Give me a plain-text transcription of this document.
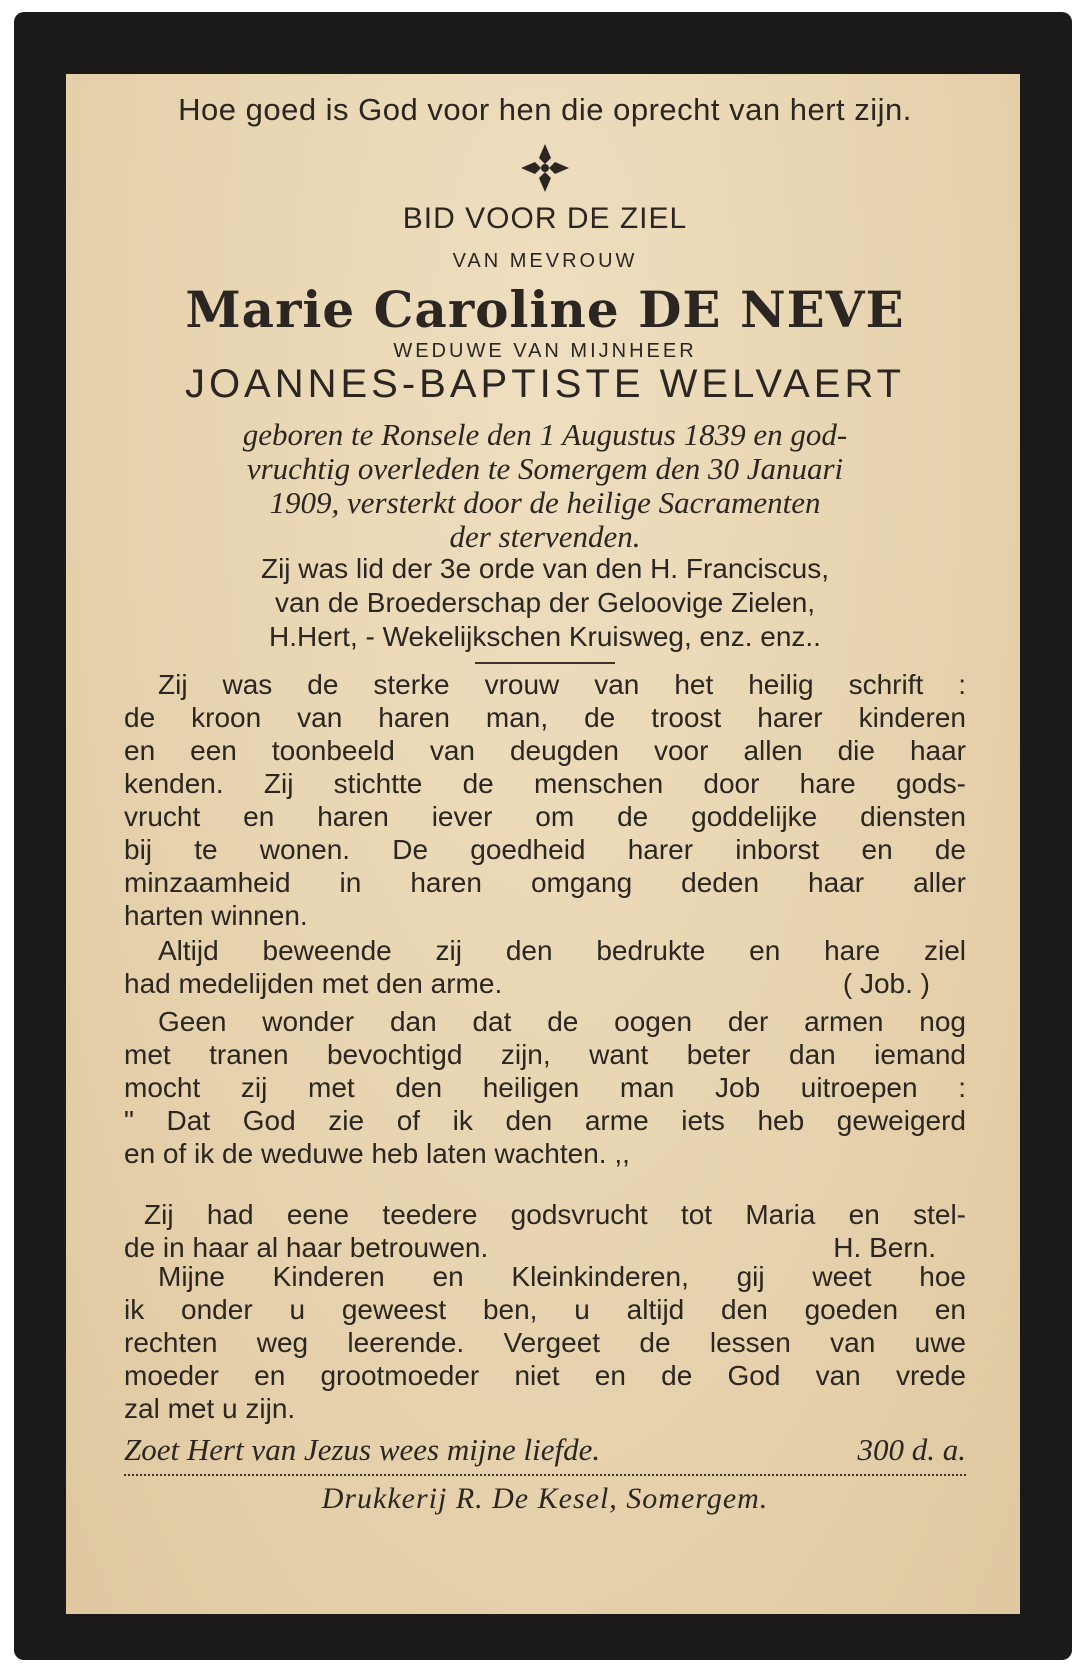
Hoe goed is God voor hen die oprecht van hert zijn.
BID VOOR DE ZIEL
VAN MEVROUW
Marie Caroline DE NEVE
WEDUWE VAN MIJNHEER
JOANNES-BAPTISTE WELVAERT
geboren te Ronsele den 1 Augustus 1839 en god-
vruchtig overleden te Somergem den 30 Januari
1909, versterkt door de heilige Sacramenten
der stervenden.
Zij was lid der 3e orde van den H. Franciscus,
van de Broederschap der Geloovige Zielen,
H.Hert, - Wekelijkschen Kruisweg, enz. enz..
Zij was de sterke vrouw van het heilig schrift :
de kroon van haren man, de troost harer kinderen
en een toonbeeld van deugden voor allen die haar
kenden. Zij stichtte de menschen door hare gods-
vrucht en haren iever om de goddelijke diensten
bij te wonen. De goedheid harer inborst en de
minzaamheid in haren omgang deden haar aller
harten winnen.
Altijd beweende zij den bedrukte en hare ziel
had medelijden met den arme.	( Job. )
Geen wonder dan dat de oogen der armen nog
met tranen bevochtigd zijn, want beter dan iemand
mocht zij met den heiligen man Job uitroepen :
" Dat God zie of ik den arme iets heb geweigerd
en of ik de weduwe heb laten wachten. ,,
Zij had eene teedere godsvrucht tot Maria en stel-
de in haar al haar betrouwen.	H. Bern.
Mijne Kinderen en Kleinkinderen, gij weet hoe
ik onder u geweest ben, u altijd den goeden en
rechten weg leerende. Vergeet de lessen van uwe
moeder en grootmoeder niet en de God van vrede
zal met u zijn.
Zoet Hert van Jezus wees mijne liefde.	300 d. a.
Drukkerij R. De Kesel, Somergem.
